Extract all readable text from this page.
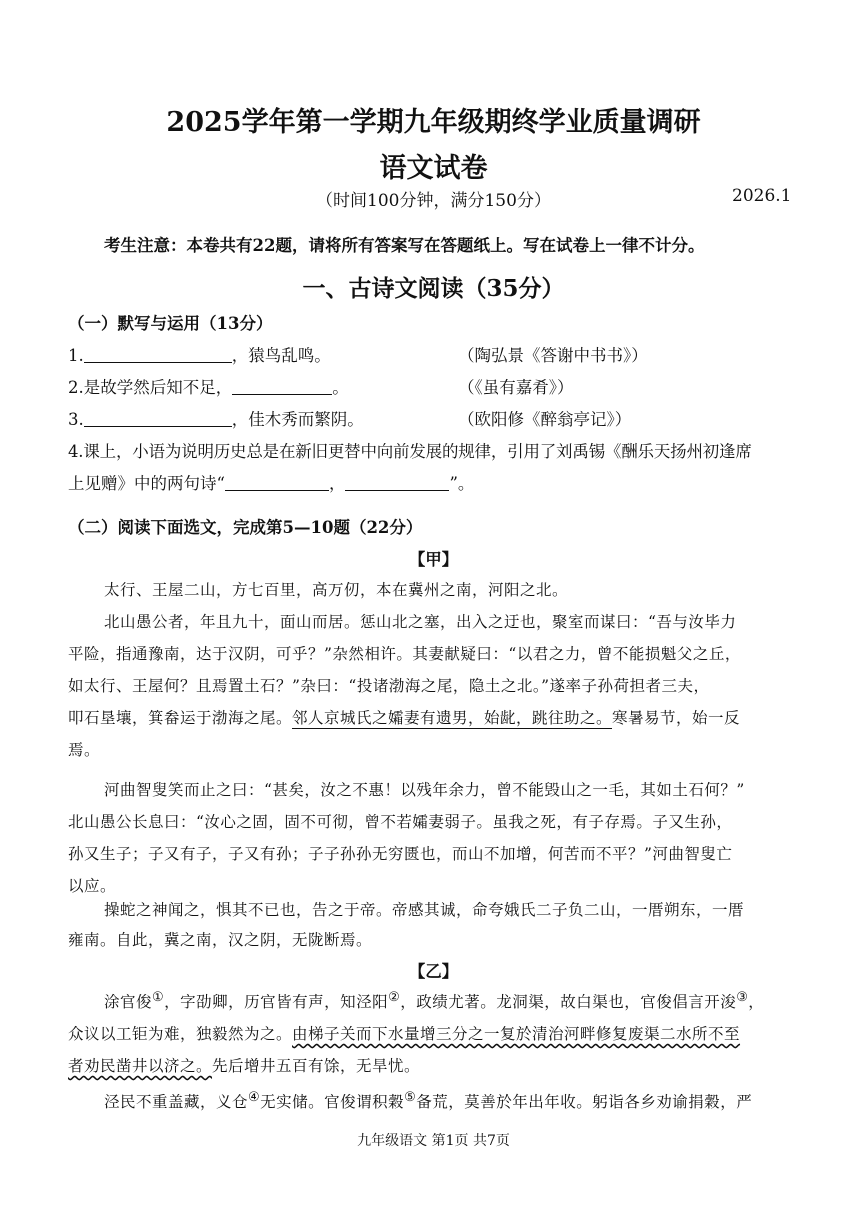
2025学年第一学期九年级期终学业质量调研
语文试卷
（时间100分钟，满分150分）	2026.1
考生注意：本卷共有22题，请将所有答案写在答题纸上。写在试卷上一律不计分。
一、古诗文阅读（35分）
（一）默写与运用（13分）
1.	，猿鸟乱鸣。	（陶弘景《答谢中书书》）
2.是故学然后知不足，	。	（《虽有嘉肴》）
3.	，佳木秀而繁阴。	（欧阳修《醉翁亭记》）
4.课上，小语为说明历史总是在新旧更替中向前发展的规律，引用了刘禹锡《酬乐天扬州初逢席
上见赠》中的两句诗“	，	”。
（二）阅读下面选文，完成第5—10题（22分）
【甲】
太行、王屋二山，方七百里，高万仞，本在冀州之南，河阳之北。
北山愚公者，年且九十，面山而居。惩山北之塞，出入之迂也，聚室而谋曰：“吾与汝毕力
平险，指通豫南，达于汉阴，可乎？”杂然相许。其妻献疑曰：“以君之力，曾不能损魁父之丘，
如太行、王屋何？且焉置土石？”杂曰：“投诸渤海之尾，隐土之北。”遂率子孙荷担者三夫，
叩石垦壤，箕畚运于渤海之尾。邻人京城氏之孀妻有遗男，始龀，跳往助之。寒暑易节，始一反
焉。
河曲智叟笑而止之曰：“甚矣，汝之不惠！以残年余力，曾不能毁山之一毛，其如土石何？”
北山愚公长息曰：“汝心之固，固不可彻，曾不若孀妻弱子。虽我之死，有子存焉。子又生孙，
孙又生子；子又有子，子又有孙；子子孙孙无穷匮也，而山不加增，何苦而不平？”河曲智叟亡
以应。
操蛇之神闻之，惧其不已也，告之于帝。帝感其诚，命夸娥氏二子负二山，一厝朔东，一厝
雍南。自此，冀之南，汉之阴，无陇断焉。
【乙】
涂官俊①，字劭卿，历官皆有声，知泾阳②，政绩尤著。龙洞渠，故白渠也，官俊倡言开浚③，
众议以工钜为难，独毅然为之。由梯子关而下水量增三分之一复於清治河畔修复废渠二水所不至
者劝民凿井以济之。先后增井五百有馀，无旱忧。
泾民不重盖藏，义仓④无实储。官俊谓积穀⑤备荒，莫善於年出年收。躬诣各乡劝谕捐穀，严
九年级语文 第1页 共7页
